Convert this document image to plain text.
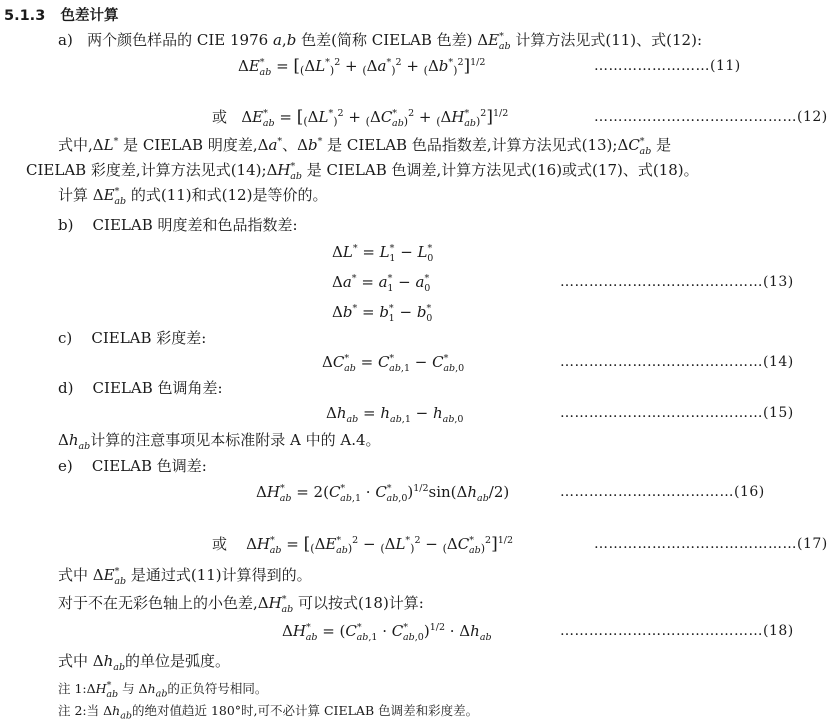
5.1.3 色差计算
a) 两个颜色样品的 CIE 1976 a,b 色差(简称 CIELAB 色差) $\Delta E^*_{ab}$ 计算方法见式(11)、式(12):
$\Delta E^*_{ab} = [_(\Delta L^*_)^2 + _(\Delta a^*_)^2 + _(\Delta b^*_)^2]^{1/2}$	……………………(11)
或   $\Delta E^*_{ab} = [_(\Delta L^*_)^2 + _(\Delta C^*_{ab)}^2 + _(\Delta H^*_{ab)}^2]^{1/2}$	……………………………………(12)
式中,ΔL* 是 CIELAB 明度差,Δa*、Δb* 是 CIELAB 色品指数差,计算方法见式$(13);\Delta C^*_{ab}$ 是
CIELAB 彩度差,计算方法见式$(14);\Delta H^*_{ab}$ 是 CIELAB 色调差,计算方法见式(16)或式(17)、式(18)。
计算 $\Delta E^*_{ab}$ 的式(11)和式(12)是等价的。
b) CIELAB 明度差和色品指数差:
$\Delta L^* = L^*_1 - L^*_0$
$\Delta a^* = a^*_1 - a^*_0$
$\Delta b^* = b^*_1 - b^*_0$
……………………………………(13)
c) CIELAB 彩度差:
$\Delta C^*_{ab} = C^*_{ab,1} - C^*_{ab,0}$	……………………………………(14)
d) CIELAB 色调角差:
$\Delta h_{ab} = h_{ab,1} - h_{ab,0}$	……………………………………(15)
$\Delta h_{ab}$计算的注意事项见本标准附录 A 中的 A.4。
e) CIELAB 色调差:
$\Delta H^*_{ab} = 2(C^*_{ab,1} \cdot C^*_{ab,0})^{1/2}\sin(\Delta h_{ab}/2)$	………………………………(16)
或    $\Delta H^*_{ab} = [_(\Delta E^*_{ab)}^2 - _(\Delta L^*_)^2 - _(\Delta C^*_{ab)}^2]^{1/2}$	……………………………………(17)
式中 $\Delta E^*_{ab}$ 是通过式(11)计算得到的。
对于不在无彩色轴上的小色差$,\Delta H^*_{ab}$ 可以按式(18)计算:
$\Delta H^*_{ab} = (C^*_{ab,1} \cdot C^*_{ab,0})^{1/2} \cdot \Delta h_{ab}$	……………………………………(18)
式中 $\Delta h_{ab}$的单位是弧度。
注 $1:\Delta H^*_{ab}$ 与 $\Delta h_{ab}$的正负符号相同。
注 2:当 $\Delta h_{ab}$的绝对值趋近 180°时,可不必计算 CIELAB 色调差和彩度差。
